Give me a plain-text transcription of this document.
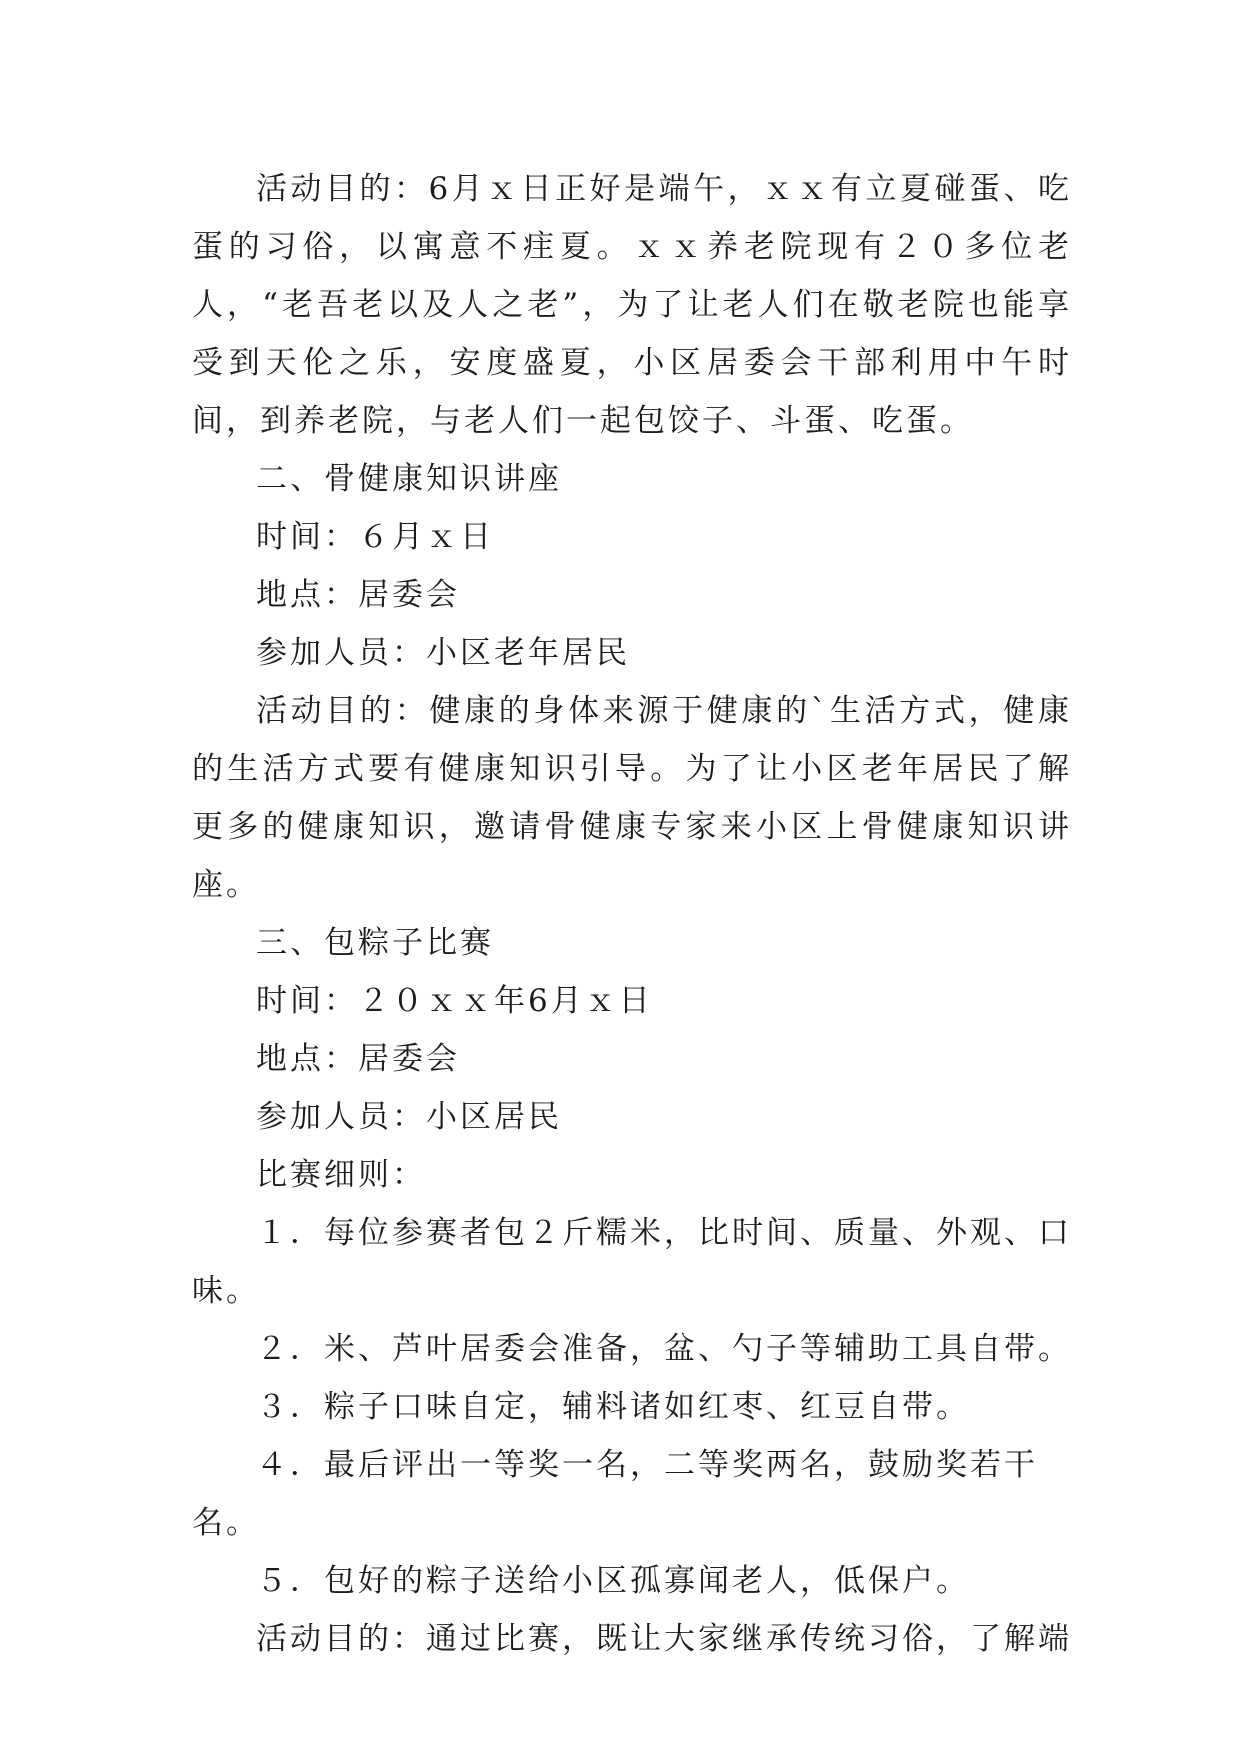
活动目的：6月ｘ日正好是端午，ｘｘ有立夏碰蛋、吃蛋的习俗，以寓意不疰夏。ｘｘ养老院现有２０多位老人，“老吾老以及人之老”，为了让老人们在敬老院也能享受到天伦之乐，安度盛夏，小区居委会干部利用中午时间，到养老院，与老人们一起包饺子、斗蛋、吃蛋。

二、骨健康知识讲座

时间：６月ｘ日

地点：居委会

参加人员：小区老年居民

活动目的：健康的身体来源于健康的`生活方式，健康的生活方式要有健康知识引导。为了让小区老年居民了解更多的健康知识，邀请骨健康专家来小区上骨健康知识讲座。

三、包粽子比赛

时间：２０ｘｘ年6月ｘ日

地点：居委会

参加人员：小区居民

比赛细则：

１．每位参赛者包２斤糯米，比时间、质量、外观、口味。

２．米、芦叶居委会准备，盆、勺子等辅助工具自带。

３．粽子口味自定，辅料诸如红枣、红豆自带。

４．最后评出一等奖一名，二等奖两名，鼓励奖若干名。

５．包好的粽子送给小区孤寡闻老人，低保户。

活动目的：通过比赛，既让大家继承传统习俗，了解端
